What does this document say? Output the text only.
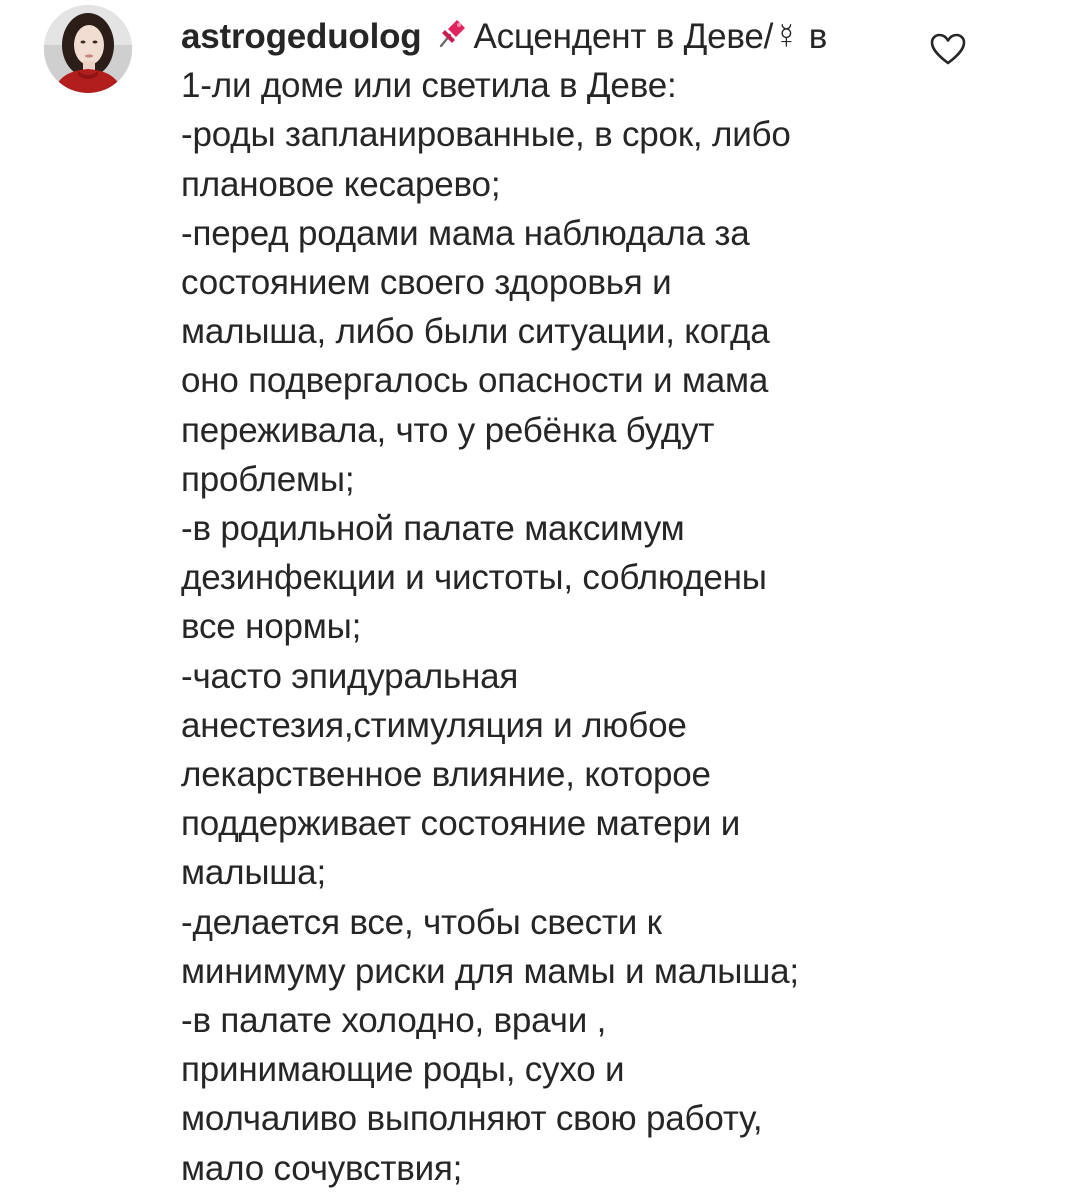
astrogeduolog Асцендент в Деве/☿ в
1-ли доме или светила в Деве:
-роды запланированные, в срок, либо
плановое кесарево;
-перед родами мама наблюдала за
состоянием своего здоровья и
малыша, либо были ситуации, когда
оно подвергалось опасности и мама
переживала, что у ребёнка будут
проблемы;
-в родильной палате максимум
дезинфекции и чистоты, соблюдены
все нормы;
-часто эпидуральная
анестезия,стимуляция и любое
лекарственное влияние, которое
поддерживает состояние матери и
малыша;
-делается все, чтобы свести к
минимуму риски для мамы и малыша;
-в палате холодно, врачи ,
принимающие роды, сухо и
молчаливо выполняют свою работу,
мало сочувствия;
